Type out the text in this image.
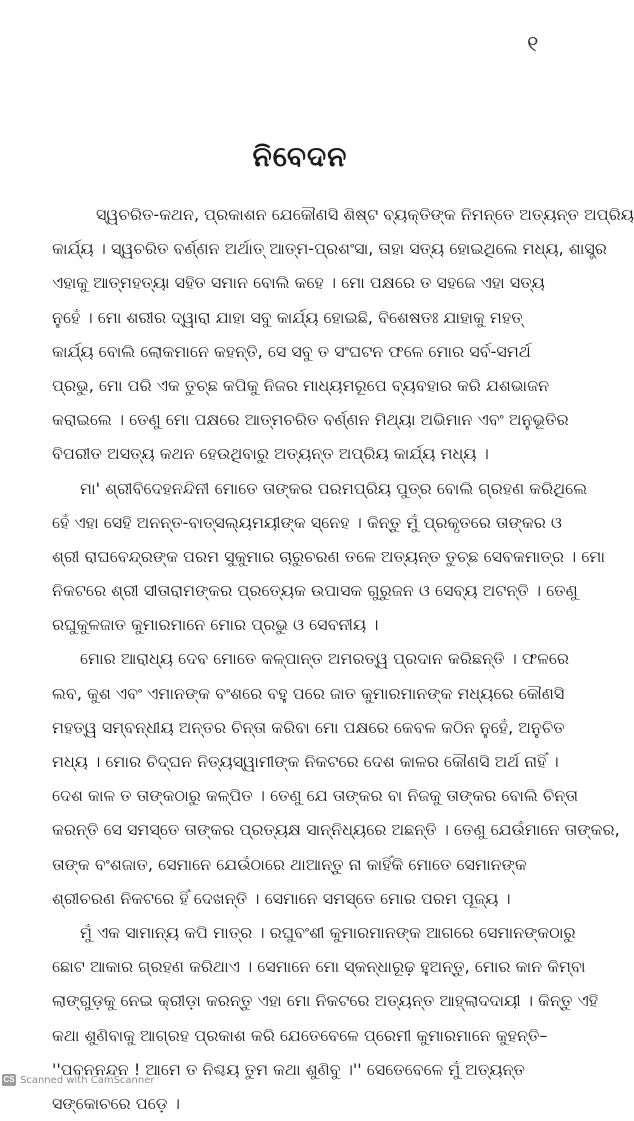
୧
ନିବେଦନ
ସ୍ୱଚରିତ-କଥନ, ପ୍ରକାଶନ ଯେକୌଣସି ଶିଷ୍ଟ ବ୍ୟକ୍ତିଙ୍କ ନିମନ୍ତେ ଅତ୍ୟନ୍ତ ଅପ୍ରିୟ
କାର୍ଯ୍ୟ । ସ୍ୱଚରିତ ବର୍ଣ୍ଣନ ଅର୍ଥାତ୍ ଆତ୍ମ-ପ୍ରଶଂସା, ତାହା ସତ୍ୟ ହୋଇଥିଲେ ମଧ୍ୟ, ଶାସ୍ତ୍ର
ଏହାକୁ ଆତ୍ମହତ୍ୟା ସହିତ ସମାନ ବୋଲି କହେ । ମୋ ପକ୍ଷରେ ତ ସହଜେ ଏହା ସତ୍ୟ
ନୁହେଁ । ମୋ ଶରୀର ଦ୍ୱାରା ଯାହା ସବୁ କାର୍ଯ୍ୟ ହୋଇଛି, ବିଶେଷତଃ ଯାହାକୁ ମହତ୍
କାର୍ଯ୍ୟ ବୋଲି ଲୋକମାନେ କହନ୍ତି, ସେ ସବୁ ତ ସଂଘଟନ ଫଳେ ମୋର ସର୍ବ-ସମର୍ଥ
ପ୍ରଭୁ, ମୋ ପରି ଏକ ତୁଚ୍ଛ କପିକୁ ନିଜର ମାଧ୍ୟମରୂପେ ବ୍ୟବହାର କରି ଯଶଭାଜନ
କରାଇଲେ । ତେଣୁ ମୋ ପକ୍ଷରେ ଆତ୍ମଚରିତ ବର୍ଣ୍ଣନ ମିଥ୍ୟା ଅଭିମାନ ଏବଂ ଅନୁଭୂତିର
ବିପରୀତ ଅସତ୍ୟ କଥନ ହେଉଥିବାରୁ ଅତ୍ୟନ୍ତ ଅପ୍ରିୟ କାର୍ଯ୍ୟ ମଧ୍ୟ ।
ମା' ଶ୍ରୀବିଦେହନନ୍ଦିନୀ ମୋତେ ତାଙ୍କର ପରମପ୍ରିୟ ପୁତ୍ର ବୋଲି ଗ୍ରହଣ କରିଥିଲେ
ହେଁ ଏହା ସେହି ଅନନ୍ତ-ବାତ୍ସଲ୍ୟମୟୀଙ୍କ ସ୍ନେହ । କିନ୍ତୁ ମୁଁ ପ୍ରକୃତରେ ତାଙ୍କର ଓ
ଶ୍ରୀ ରାଘବେନ୍ଦ୍ରଙ୍କ ପରମ ସୁକୁମାର ଚାରୁଚରଣ ତଳେ ଅତ୍ୟନ୍ତ ତୁଚ୍ଛ ସେବକମାତ୍ର । ମୋ
ନିକଟରେ ଶ୍ରୀ ସୀତାରାମଙ୍କର ପ୍ରତ୍ୟେକ ଉପାସକ ଗୁରୁଜନ ଓ ସେବ୍ୟ ଅଟନ୍ତି । ତେଣୁ
ରଘୁକୁଳଜାତ କୁମାରମାନେ ମୋର ପ୍ରଭୁ ଓ ସେବନୀୟ ।
ମୋର ଆରାଧ୍ୟ ଦେବ ମୋତେ କଳ୍ପାନ୍ତ ଅମରତ୍ୱ ପ୍ରଦାନ କରିଛନ୍ତି । ଫଳରେ
ଲବ, କୁଶ ଏବଂ ଏମାନଙ୍କ ବଂଶରେ ବହୁ ପରେ ଜାତ କୁମାରମାନଙ୍କ ମଧ୍ୟରେ କୌଣସି
ମହତ୍ୱ ସମ୍ବନ୍ଧୀୟ ଅନ୍ତର ଚିନ୍ତା କରିବା ମୋ ପକ୍ଷରେ କେବଳ କଠିନ ନୁହେଁ, ଅନୁଚିତ
ମଧ୍ୟ । ମୋର ଚିଦ୍‌ଘନ ନିତ୍ୟସ୍ୱାମୀଙ୍କ ନିକଟରେ ଦେଶ କାଳର କୌଣସି ଅର୍ଥ ନାହିଁ ।
ଦେଶ କାଳ ତ ତାଙ୍କଠାରୁ କଳ୍ପିତ । ତେଣୁ ଯେ ତାଙ୍କର ବା ନିଜକୁ ତାଙ୍କର ବୋଲି ଚିନ୍ତା
କରନ୍ତି ସେ ସମସ୍ତେ ତାଙ୍କର ପ୍ରତ୍ୟକ୍ଷ ସାନ୍ନିଧ୍ୟରେ ଅଛନ୍ତି । ତେଣୁ ଯେଉଁମାନେ ତାଙ୍କର,
ତାଙ୍କ ବଂଶଜାତ, ସେମାନେ ଯେଉଁଠାରେ ଥାଆନ୍ତୁ ନା କାହିଁକି ମୋତେ ସେମାନଙ୍କ
ଶ୍ରୀଚରଣ ନିକଟରେ ହିଁ ଦେଖନ୍ତି । ସେମାନେ ସମସ୍ତେ ମୋର ପରମ ପୂଜ୍ୟ ।
ମୁଁ ଏକ ସାମାନ୍ୟ କପି ମାତ୍ର । ରଘୁବଂଶୀ କୁମାରମାନଙ୍କ ଆଗରେ ସେମାନଙ୍କଠାରୁ
ଛୋଟ ଆକାର ଗ୍ରହଣ କରିଥାଏ । ସେମାନେ ମୋ ସ୍କନ୍ଧାରୂଢ଼ ହୁଅନ୍ତୁ, ମୋର କାନ କିମ୍ବା
ଲାଙ୍ଗୁଡ଼କୁ ନେଇ କ୍ରୀଡ଼ା କରନ୍ତୁ ଏହା ମୋ ନିକଟରେ ଅତ୍ୟନ୍ତ ଆହ୍ଲାଦଦାୟୀ । କିନ୍ତୁ ଏହି
କଥା ଶୁଣିବାକୁ ଆଗ୍ରହ ପ୍ରକାଶ କରି ଯେତେବେଳେ ପ୍ରେମୀ କୁମାରମାନେ କୁହନ୍ତି–
''ପବନନନ୍ଦନ ! ଆମେ ତ ନିଶ୍ଚୟ ତୁମ କଥା ଶୁଣିବୁ ।'' ସେତେବେଳେ ମୁଁ ଅତ୍ୟନ୍ତ
ସଙ୍କୋଚରେ ପଡ଼େ ।
CS Scanned with CamScanner
